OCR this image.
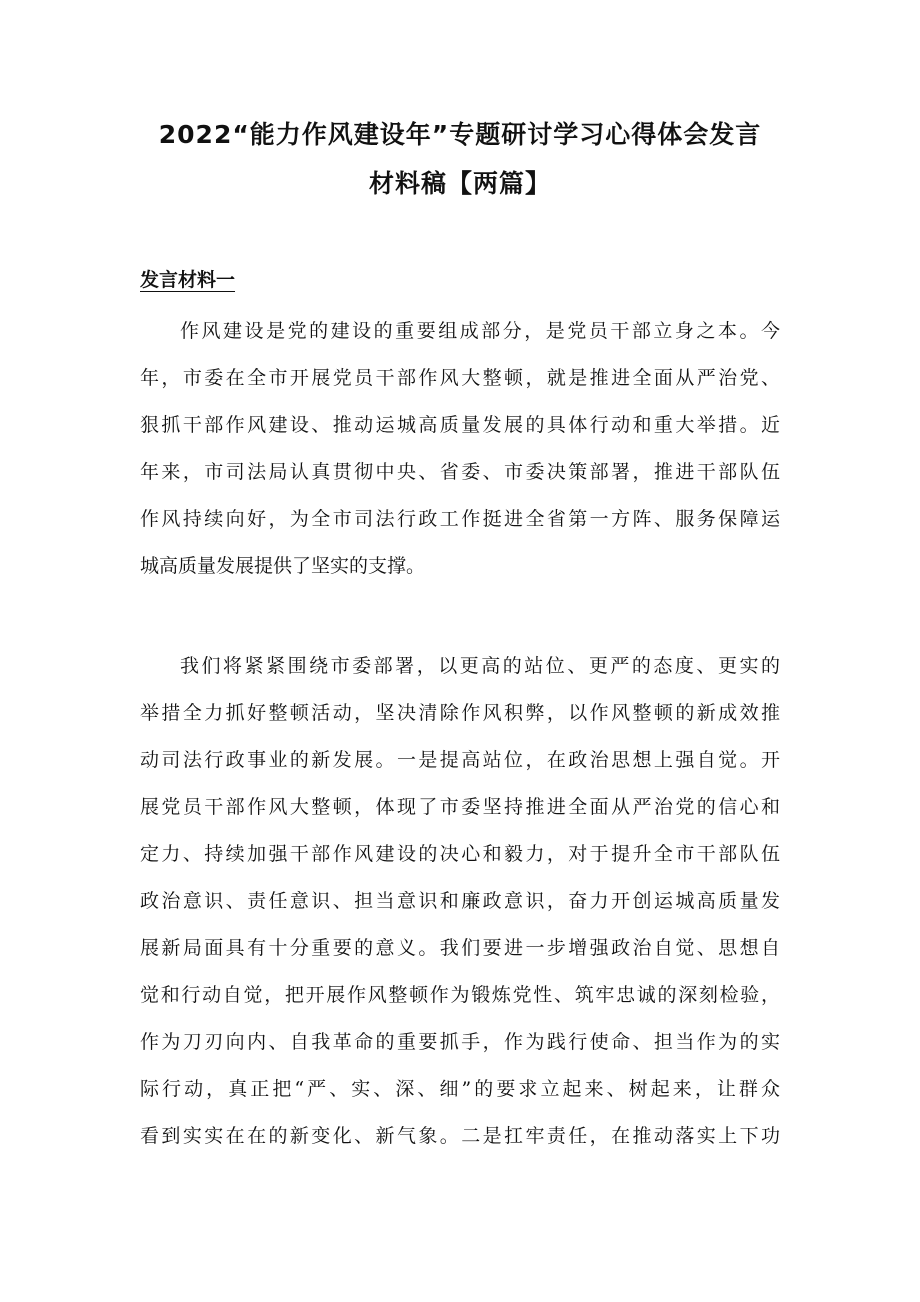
2022“能力作风建设年”专题研讨学习心得体会发言
材料稿【两篇】
发言材料一
作风建设是党的建设的重要组成部分，是党员干部立身之本。今
年，市委在全市开展党员干部作风大整顿，就是推进全面从严治党、
狠抓干部作风建设、推动运城高质量发展的具体行动和重大举措。近
年来，市司法局认真贯彻中央、省委、市委决策部署，推进干部队伍
作风持续向好，为全市司法行政工作挺进全省第一方阵、服务保障运
城高质量发展提供了坚实的支撑。
我们将紧紧围绕市委部署，以更高的站位、更严的态度、更实的
举措全力抓好整顿活动，坚决清除作风积弊，以作风整顿的新成效推
动司法行政事业的新发展。一是提高站位，在政治思想上强自觉。开
展党员干部作风大整顿，体现了市委坚持推进全面从严治党的信心和
定力、持续加强干部作风建设的决心和毅力，对于提升全市干部队伍
政治意识、责任意识、担当意识和廉政意识，奋力开创运城高质量发
展新局面具有十分重要的意义。我们要进一步增强政治自觉、思想自
觉和行动自觉，把开展作风整顿作为锻炼党性、筑牢忠诚的深刻检验，
作为刀刃向内、自我革命的重要抓手，作为践行使命、担当作为的实
际行动，真正把“严、实、深、细”的要求立起来、树起来，让群众
看到实实在在的新变化、新气象。二是扛牢责任，在推动落实上下功
